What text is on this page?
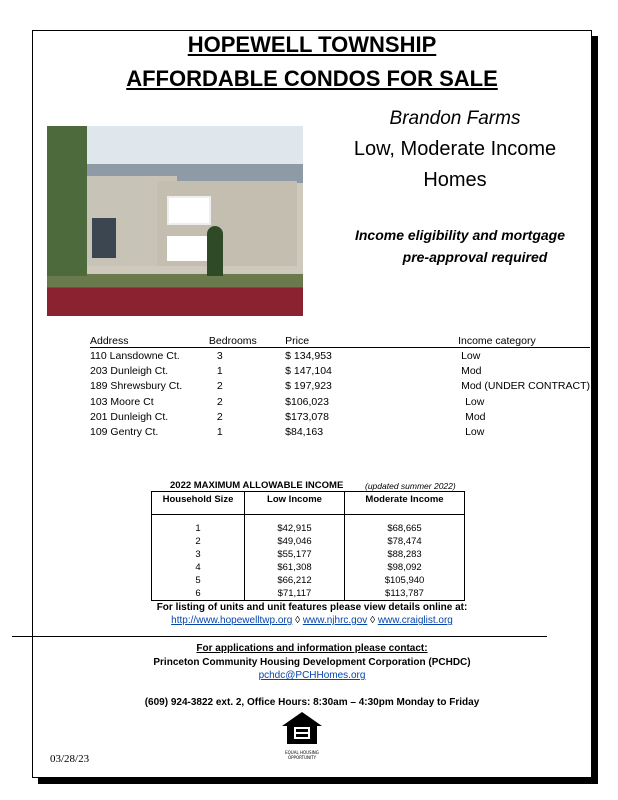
HOPEWELL TOWNSHIP
AFFORDABLE CONDOS FOR SALE
Brandon Farms
Low, Moderate Income
Homes
Income eligibility and mortgage
pre-approval required
Address	Bedrooms	Price	Income category
110 Lansdowne Ct.	3	$ 134,953	Low
203 Dunleigh Ct.	1	$ 147,104	Mod
189 Shrewsbury Ct.	2	$ 197,923	Mod (UNDER CONTRACT)
103 Moore Ct	2	$106,023	Low
201 Dunleigh Ct.	2	$173,078	Mod
109 Gentry Ct.	1	$84,163	Low
2022 MAXIMUM ALLOWABLE INCOME	(updated summer 2022)
Household Size	Low Income	Moderate Income

1	$42,915	$68,665
2	$49,046	$78,474
3	$55,177	$88,283
4	$61,308	$98,092
5	$66,212	$105,940
6	$71,117	$113,787
For listing of units and unit features please view details online at:
http://www.hopewelltwp.org ◊ www.njhrc.gov ◊ www.craiglist.org
For applications and information please contact:
Princeton Community Housing Development Corporation (PCHDC)
pchdc@PCHHomes.org
(609) 924-3822 ext. 2, Office Hours: 8:30am – 4:30pm Monday to Friday
EQUAL HOUSING OPPORTUNITY
03/28/23
